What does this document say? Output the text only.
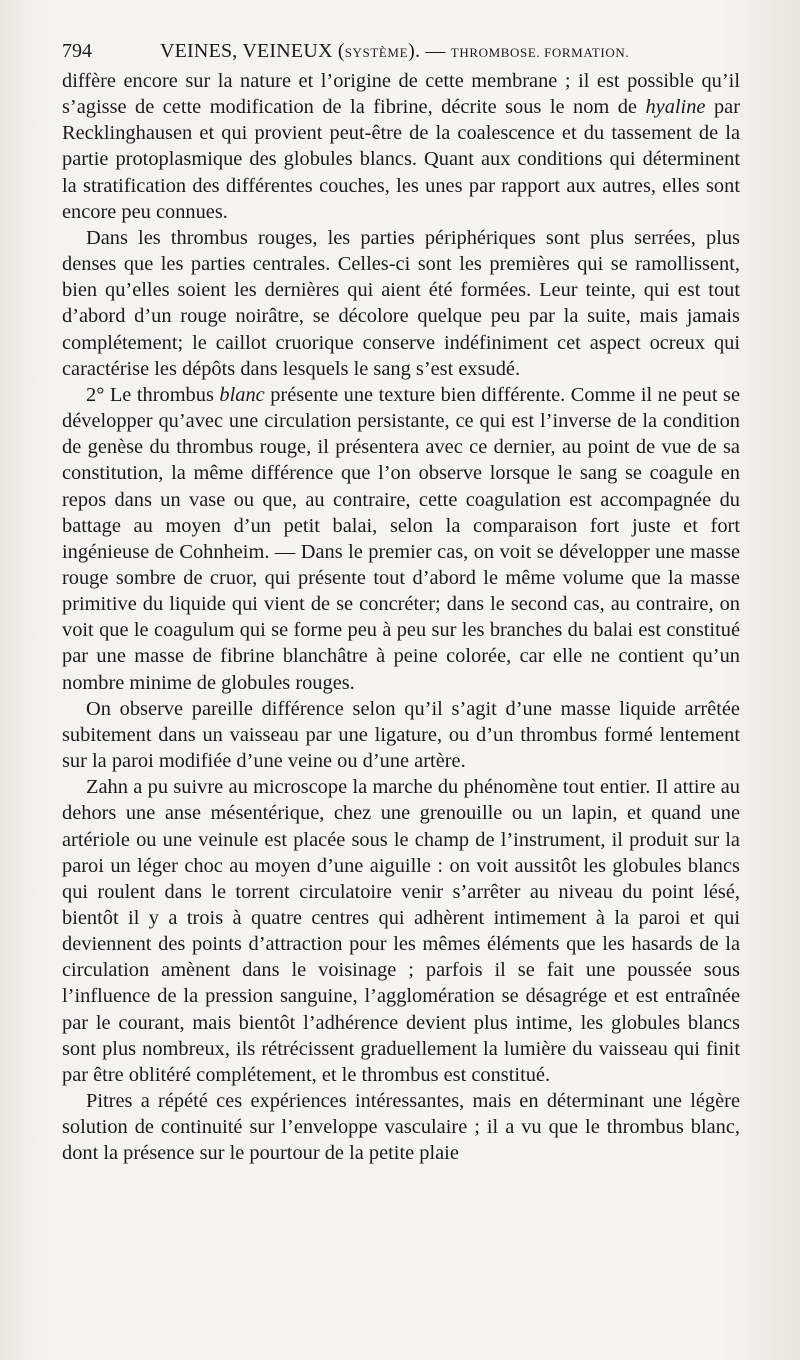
794	VEINES, VEINEUX (SYSTÈME). — THROMBOSE. FORMATION.

diffère encore sur la nature et l’origine de cette membrane ; il est possible qu’il s’agisse de cette modification de la fibrine, décrite sous le nom de hyaline par Recklinghausen et qui provient peut-être de la coalescence et du tassement de la partie protoplasmique des globules blancs. Quant aux conditions qui déterminent la stratification des différentes couches, les unes par rapport aux autres, elles sont encore peu connues.

Dans les thrombus rouges, les parties périphériques sont plus serrées, plus denses que les parties centrales. Celles-ci sont les premières qui se ramollissent, bien qu’elles soient les dernières qui aient été formées. Leur teinte, qui est tout d’abord d’un rouge noirâtre, se décolore quelque peu par la suite, mais jamais complétement; le caillot cruorique conserve indéfiniment cet aspect ocreux qui caractérise les dépôts dans lesquels le sang s’est exsudé.

2° Le thrombus blanc présente une texture bien différente. Comme il ne peut se développer qu’avec une circulation persistante, ce qui est l’inverse de la condition de genèse du thrombus rouge, il présentera avec ce dernier, au point de vue de sa constitution, la même différence que l’on observe lorsque le sang se coagule en repos dans un vase ou que, au contraire, cette coagulation est accompagnée du battage au moyen d’un petit balai, selon la comparaison fort juste et fort ingénieuse de Cohnheim. — Dans le premier cas, on voit se développer une masse rouge sombre de cruor, qui présente tout d’abord le même volume que la masse primitive du liquide qui vient de se concréter; dans le second cas, au contraire, on voit que le coagulum qui se forme peu à peu sur les branches du balai est constitué par une masse de fibrine blanchâtre à peine colorée, car elle ne contient qu’un nombre minime de globules rouges.

On observe pareille différence selon qu’il s’agit d’une masse liquide arrêtée subitement dans un vaisseau par une ligature, ou d’un thrombus formé lentement sur la paroi modifiée d’une veine ou d’une artère.

Zahn a pu suivre au microscope la marche du phénomène tout entier. Il attire au dehors une anse mésentérique, chez une grenouille ou un lapin, et quand une artériole ou une veinule est placée sous le champ de l’instrument, il produit sur la paroi un léger choc au moyen d’une aiguille : on voit aussitôt les globules blancs qui roulent dans le torrent circulatoire venir s’arrêter au niveau du point lésé, bientôt il y a trois à quatre centres qui adhèrent intimement à la paroi et qui deviennent des points d’attraction pour les mêmes éléments que les hasards de la circulation amènent dans le voisinage ; parfois il se fait une poussée sous l’influence de la pression sanguine, l’agglomération se désagrége et est entraînée par le courant, mais bientôt l’adhérence devient plus intime, les globules blancs sont plus nombreux, ils rétrécissent graduellement la lumière du vaisseau qui finit par être oblitéré complétement, et le thrombus est constitué.

Pitres a répété ces expériences intéressantes, mais en déterminant une légère solution de continuité sur l’enveloppe vasculaire ; il a vu que le thrombus blanc, dont la présence sur le pourtour de la petite plaie
